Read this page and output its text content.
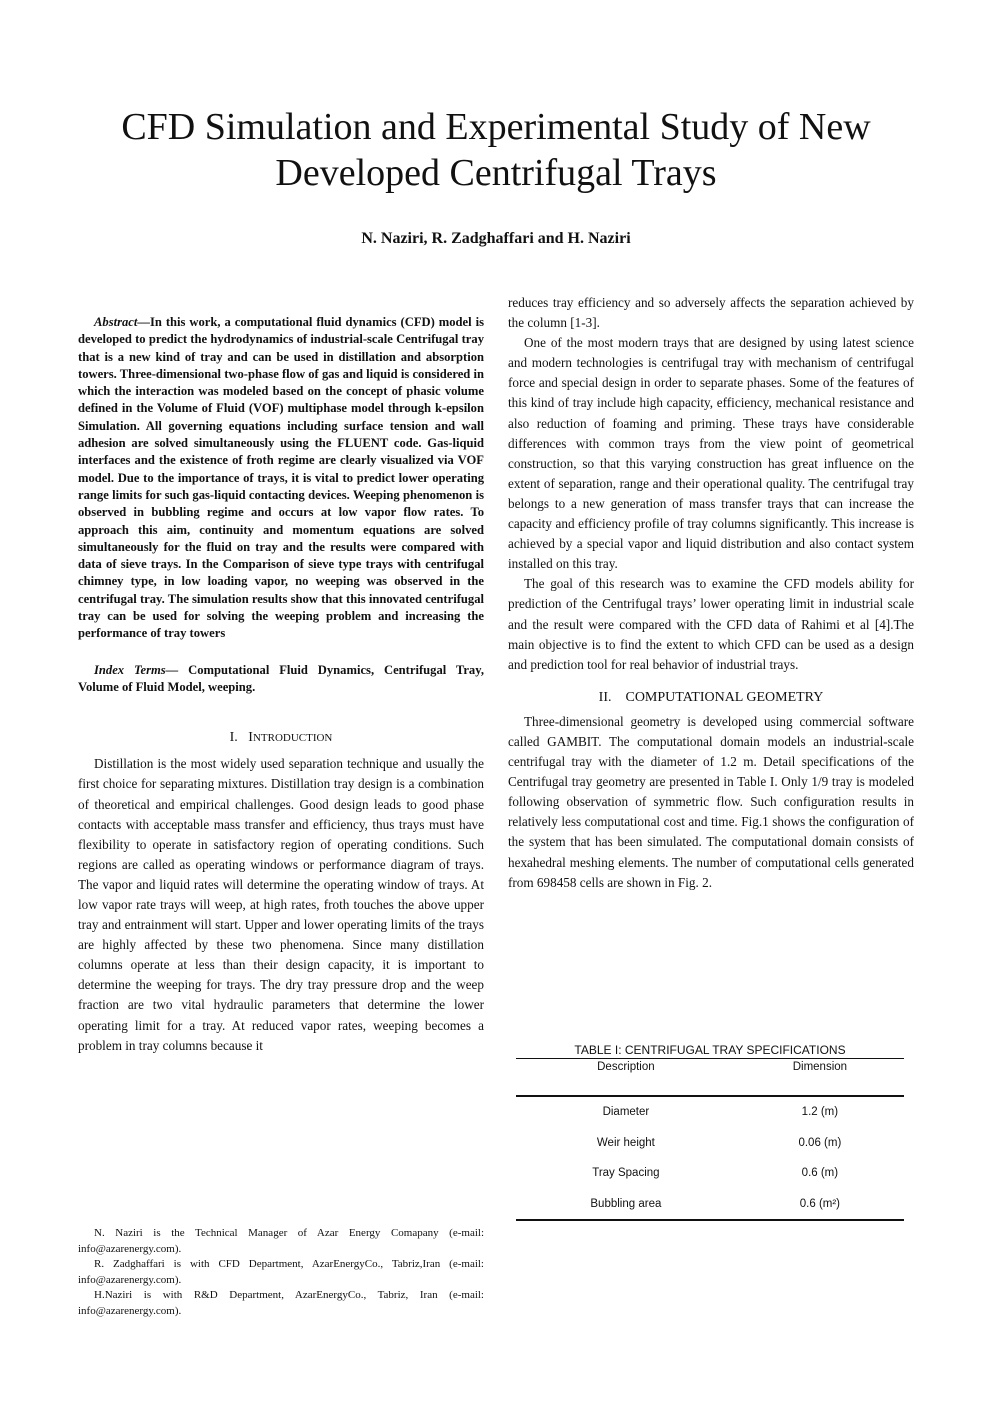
CFD Simulation and Experimental Study of New Developed Centrifugal Trays

N. Naziri, R. Zadghaffari and H. Naziri

Abstract—In this work, a computational fluid dynamics (CFD) model is developed to predict the hydrodynamics of industrial-scale Centrifugal tray that is a new kind of tray and can be used in distillation and absorption towers. Three-dimensional two-phase flow of gas and liquid is considered in which the interaction was modeled based on the concept of phasic volume defined in the Volume of Fluid (VOF) multiphase model through k-epsilon Simulation. All governing equations including surface tension and wall adhesion are solved simultaneously using the FLUENT code. Gas-liquid interfaces and the existence of froth regime are clearly visualized via VOF model. Due to the importance of trays, it is vital to predict lower operating range limits for such gas-liquid contacting devices. Weeping phenomenon is observed in bubbling regime and occurs at low vapor flow rates. To approach this aim, continuity and momentum equations are solved simultaneously for the fluid on tray and the results were compared with data of sieve trays. In the Comparison of sieve type trays with centrifugal chimney type, in low loading vapor, no weeping was observed in the centrifugal tray. The simulation results show that this innovated centrifugal tray can be used for solving the weeping problem and increasing the performance of tray towers

Index Terms— Computational Fluid Dynamics, Centrifugal Tray, Volume of Fluid Model, weeping.

I. INTRODUCTION

Distillation is the most widely used separation technique and usually the first choice for separating mixtures. Distillation tray design is a combination of theoretical and empirical challenges. Good design leads to good phase contacts with acceptable mass transfer and efficiency, thus trays must have flexibility to operate in satisfactory region of operating conditions. Such regions are called as operating windows or performance diagram of trays. The vapor and liquid rates will determine the operating window of trays. At low vapor rate trays will weep, at high rates, froth touches the above upper tray and entrainment will start. Upper and lower operating limits of the trays are highly affected by these two phenomena. Since many distillation columns operate at less than their design capacity, it is important to determine the weeping for trays. The dry tray pressure drop and the weep fraction are two vital hydraulic parameters that determine the lower operating limit for a tray. At reduced vapor rates, weeping becomes a problem in tray columns because it

reduces tray efficiency and so adversely affects the separation achieved by the column [1-3].

One of the most modern trays that are designed by using latest science and modern technologies is centrifugal tray with mechanism of centrifugal force and special design in order to separate phases. Some of the features of this kind of tray include high capacity, efficiency, mechanical resistance and also reduction of foaming and priming. These trays have considerable differences with common trays from the view point of geometrical construction, so that this varying construction has great influence on the extent of separation, range and their operational quality. The centrifugal tray belongs to a new generation of mass transfer trays that can increase the capacity and efficiency profile of tray columns significantly. This increase is achieved by a special vapor and liquid distribution and also contact system installed on this tray.

The goal of this research was to examine the CFD models ability for prediction of the Centrifugal trays’ lower operating limit in industrial scale and the result were compared with the CFD data of Rahimi et al [4].The main objective is to find the extent to which CFD can be used as a design and prediction tool for real behavior of industrial trays.

II. COMPUTATIONAL GEOMETRY

Three-dimensional geometry is developed using commercial software called GAMBIT. The computational domain models an industrial-scale centrifugal tray with the diameter of 1.2 m. Detail specifications of the Centrifugal tray geometry are presented in Table I. Only 1/9 tray is modeled following observation of symmetric flow. Such configuration results in relatively less computational cost and time. Fig.1 shows the configuration of the system that has been simulated. The computational domain consists of hexahedral meshing elements. The number of computational cells generated from 698458 cells are shown in Fig. 2.

TABLE I: CENTRIFUGAL TRAY SPECIFICATIONS

Description	Dimension
Diameter	1.2 (m)
Weir height	0.06 (m)
Tray Spacing	0.6 (m)
Bubbling area	0.6 (m²)

N. Naziri is the Technical Manager of Azar Energy Comapany (e-mail: info@azarenergy.com).

R. Zadghaffari is with CFD Department, AzarEnergyCo., Tabriz,Iran (e-mail: info@azarenergy.com).

H.Naziri is with R&D Department, AzarEnergyCo., Tabriz, Iran (e-mail: info@azarenergy.com).
